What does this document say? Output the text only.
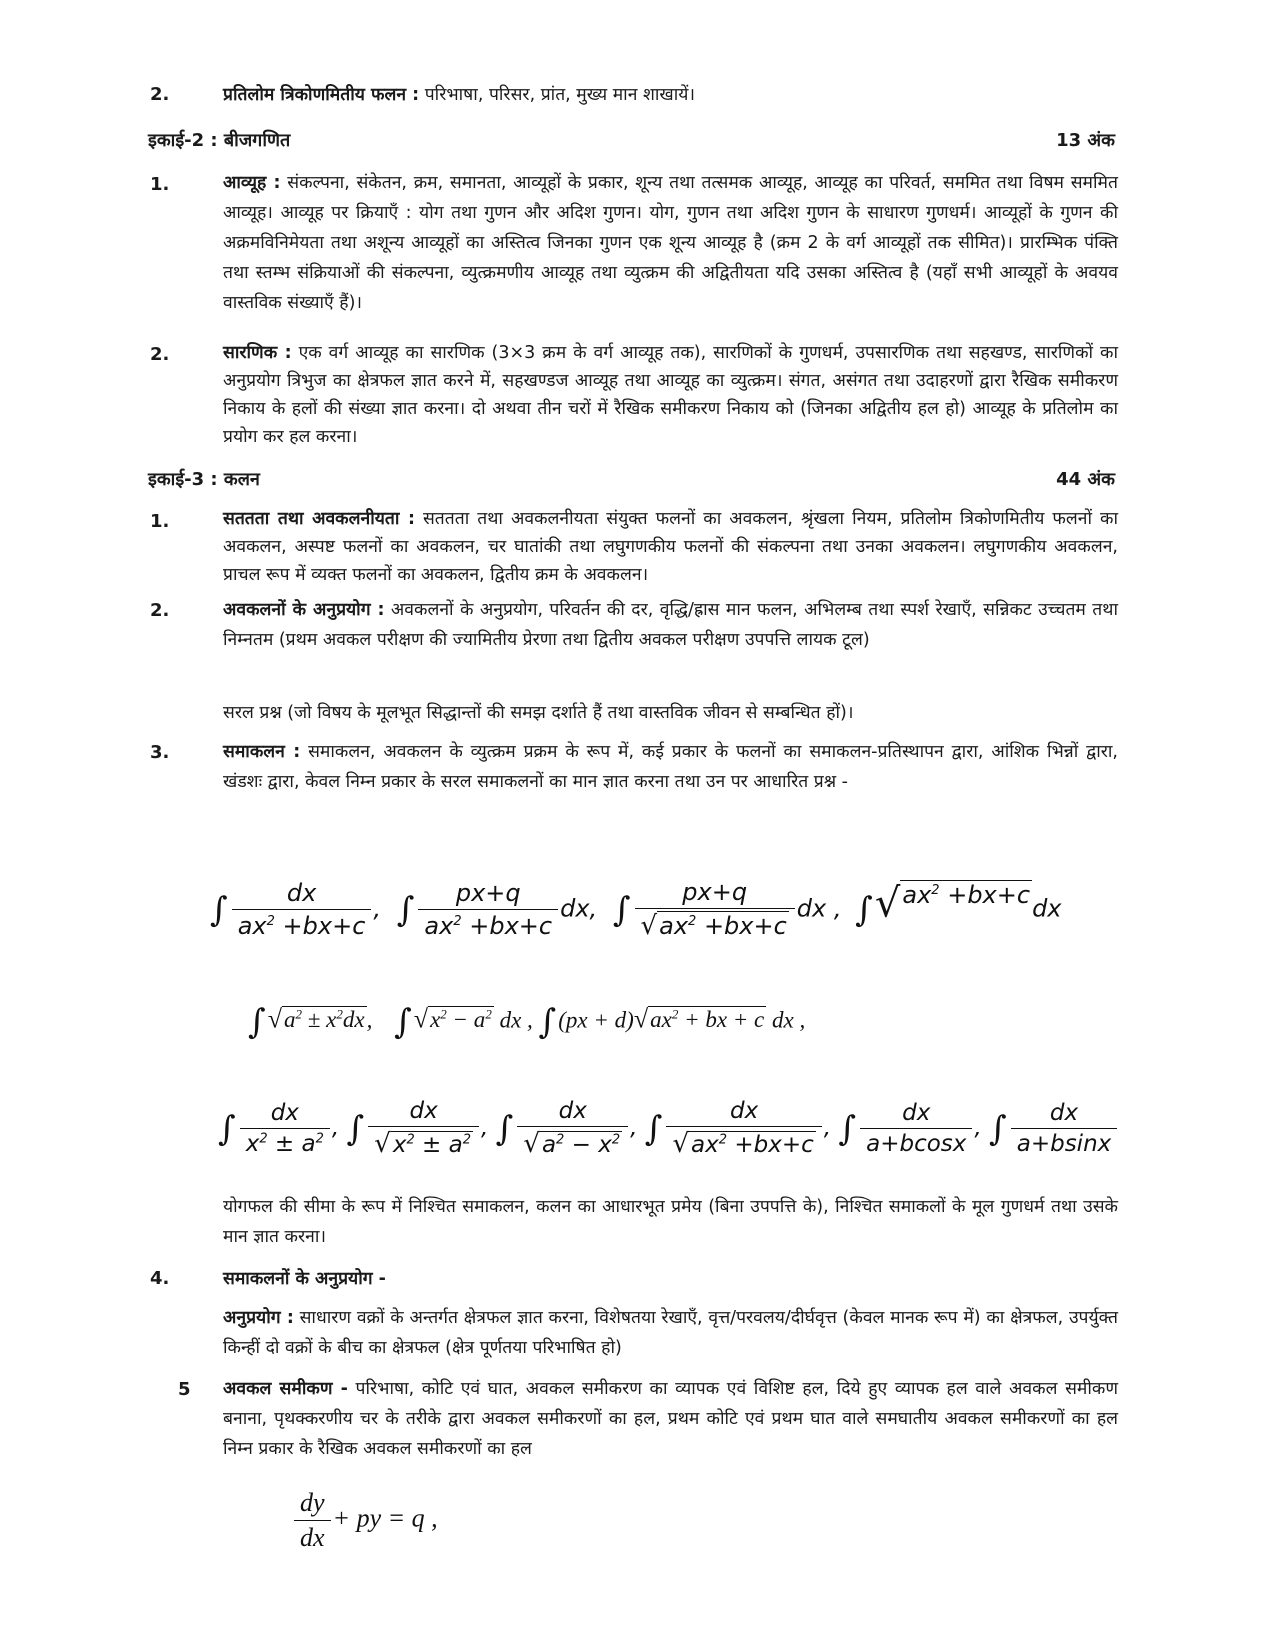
2.	प्रतिलोम त्रिकोणमितीय फलन : परिभाषा, परिसर, प्रांत, मुख्य मान शाखायें।
इकाई-2 : बीजगणित	13 अंक
1.	आव्यूह : संकल्पना, संकेतन, क्रम, समानता, आव्यूहों के प्रकार, शून्य तथा तत्समक आव्यूह, आव्यूह का परिवर्त, सममित तथा विषम सममित आव्यूह। आव्यूह पर क्रियाएँ : योग तथा गुणन और अदिश गुणन। योग, गुणन तथा अदिश गुणन के साधारण गुणधर्म। आव्यूहों के गुणन की अक्रमविनिमेयता तथा अशून्य आव्यूहों का अस्तित्व जिनका गुणन एक शून्य आव्यूह है (क्रम 2 के वर्ग आव्यूहों तक सीमित)। प्रारम्भिक पंक्ति तथा स्तम्भ संक्रियाओं की संकल्पना, व्युत्क्रमणीय आव्यूह तथा व्युत्क्रम की अद्वितीयता यदि उसका अस्तित्व है (यहाँ सभी आव्यूहों के अवयव वास्तविक संख्याएँ हैं)।
2.	सारणिक : एक वर्ग आव्यूह का सारणिक (3×3 क्रम के वर्ग आव्यूह तक), सारणिकों के गुणधर्म, उपसारणिक तथा सहखण्ड, सारणिकों का अनुप्रयोग त्रिभुज का क्षेत्रफल ज्ञात करने में, सहखण्डज आव्यूह तथा आव्यूह का व्युत्क्रम। संगत, असंगत तथा उदाहरणों द्वारा रैखिक समीकरण निकाय के हलों की संख्या ज्ञात करना। दो अथवा तीन चरों में रैखिक समीकरण निकाय को (जिनका अद्वितीय हल हो) आव्यूह के प्रतिलोम का प्रयोग कर हल करना।
इकाई-3 : कलन	44 अंक
1.	सततता तथा अवकलनीयता : सततता तथा अवकलनीयता संयुक्त फलनों का अवकलन, श्रृंखला नियम, प्रतिलोम त्रिकोणमितीय फलनों का अवकलन, अस्पष्ट फलनों का अवकलन, चर घातांकी तथा लघुगणकीय फलनों की संकल्पना तथा उनका अवकलन। लघुगणकीय अवकलन, प्राचल रूप में व्यक्त फलनों का अवकलन, द्वितीय क्रम के अवकलन।
2.	अवकलनों के अनुप्रयोग : अवकलनों के अनुप्रयोग, परिवर्तन की दर, वृद्धि/ह्रास मान फलन, अभिलम्ब तथा स्पर्श रेखाएँ, सन्निकट उच्चतम तथा निम्नतम (प्रथम अवकल परीक्षण की ज्यामितीय प्रेरणा तथा द्वितीय अवकल परीक्षण उपपत्ति लायक टूल)
सरल प्रश्न (जो विषय के मूलभूत सिद्धान्तों की समझ दर्शाते हैं तथा वास्तविक जीवन से सम्बन्धित हों)।
3.	समाकलन : समाकलन, अवकलन के व्युत्क्रम प्रक्रम के रूप में, कई प्रकार के फलनों का समाकलन-प्रतिस्थापन द्वारा, आंशिक भिन्नों द्वारा, खंडशः द्वारा, केवल निम्न प्रकार के सरल समाकलनों का मान ज्ञात करना तथा उन पर आधारित प्रश्न -
∫ $\frac{dx}{ax^2 +bx+c}$ , ∫ $\frac{px+q}{ax^2 +bx+c}$ dx, ∫ $\frac{px+q}{√ax^2 +bx+c}$ dx , $\int√ax^2 +bx+cdx$
$\int√a^2 \pm x^2dx$, $\int√x^2 - a^2$ dx , $\int(px + d)√ax^2$ + bx + c dx ,
∫ $\frac{dx}{x^2 \pm a^2}$ , ∫ $\frac{dx}{√x^2 \pm a^2}$ , ∫ $\frac{dx}{√a^2 - x^2}$ , ∫ $\frac{dx}{√ax^2 +bx+c}$ , ∫ $\frac{dx}{a+bcosx}$ , ∫ $\frac{dx}{a+bsinx}$
योगफल की सीमा के रूप में निश्चित समाकलन, कलन का आधारभूत प्रमेय (बिना उपपत्ति के), निश्चित समाकलों के मूल गुणधर्म तथा उसके मान ज्ञात करना।
4.	समाकलनों के अनुप्रयोग -
अनुप्रयोग : साधारण वक्रों के अन्तर्गत क्षेत्रफल ज्ञात करना, विशेषतया रेखाएँ, वृत्त/परवलय/दीर्घवृत्त (केवल मानक रूप में) का क्षेत्रफल, उपर्युक्त किन्हीं दो वक्रों के बीच का क्षेत्रफल (क्षेत्र पूर्णतया परिभाषित हो)
5 अवकल समीकण - परिभाषा, कोटि एवं घात, अवकल समीकरण का व्यापक एवं विशिष्ट हल, दिये हुए व्यापक हल वाले अवकल समीकण बनाना, पृथक्करणीय चर के तरीके द्वारा अवकल समीकरणों का हल, प्रथम कोटि एवं प्रथम घात वाले समघातीय अवकल समीकरणों का हल निम्न प्रकार के रैखिक अवकल समीकरणों का हल
$\frac{dy}{dx}$ + py = q ,
